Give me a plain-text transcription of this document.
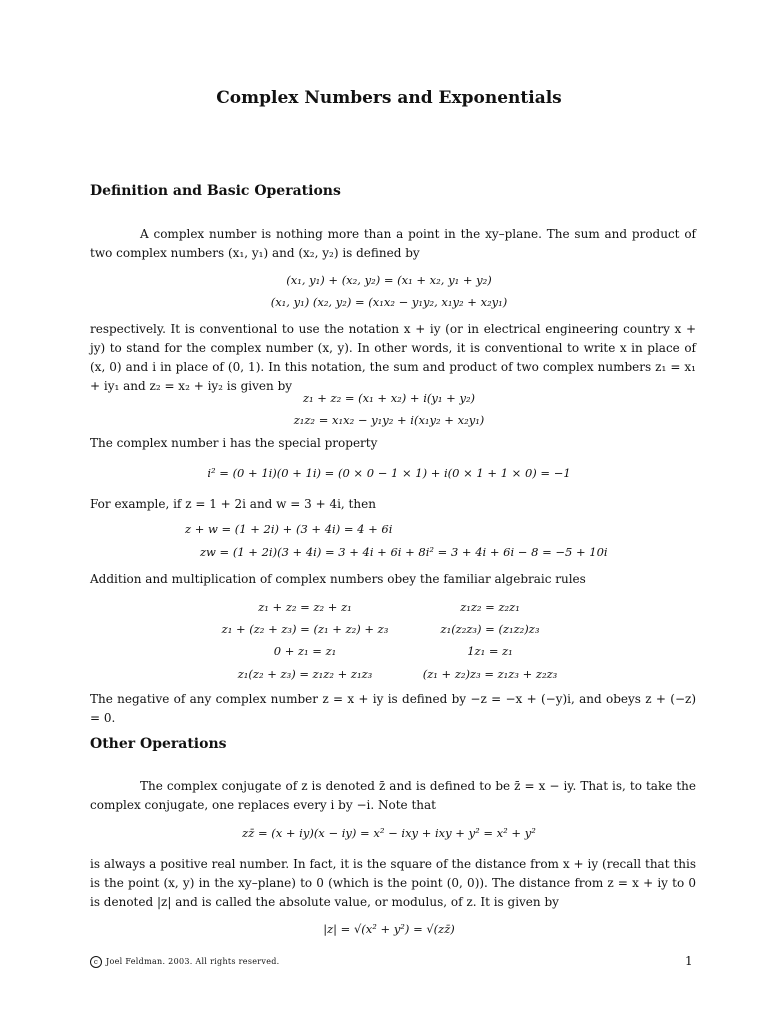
Complex Numbers and Exponentials
Definition and Basic Operations
A complex number is nothing more than a point in the xy–plane. The sum and product of two complex numbers (x₁, y₁) and (x₂, y₂) is defined by
(x₁, y₁) + (x₂, y₂) = (x₁ + x₂, y₁ + y₂)
(x₁, y₁) (x₂, y₂) = (x₁x₂ − y₁y₂, x₁y₂ + x₂y₁)
respectively. It is conventional to use the notation x + iy (or in electrical engineering country x + jy) to stand for the complex number (x, y). In other words, it is conventional to write x in place of (x, 0) and i in place of (0, 1). In this notation, the sum and product of two complex numbers z₁ = x₁ + iy₁ and z₂ = x₂ + iy₂ is given by
z₁ + z₂ = (x₁ + x₂) + i(y₁ + y₂)
z₁z₂ = x₁x₂ − y₁y₂ + i(x₁y₂ + x₂y₁)
The complex number i has the special property
i² = (0 + 1i)(0 + 1i) = (0 × 0 − 1 × 1) + i(0 × 1 + 1 × 0) = −1
For example, if z = 1 + 2i and w = 3 + 4i, then
z + w = (1 + 2i) + (3 + 4i) = 4 + 6i
zw = (1 + 2i)(3 + 4i) = 3 + 4i + 6i + 8i² = 3 + 4i + 6i − 8 = −5 + 10i
Addition and multiplication of complex numbers obey the familiar algebraic rules
z₁ + z₂ = z₂ + z₁
z₁ + (z₂ + z₃) = (z₁ + z₂) + z₃
0 + z₁ = z₁
z₁(z₂ + z₃) = z₁z₂ + z₁z₃
z₁z₂ = z₂z₁
z₁(z₂z₃) = (z₁z₂)z₃
1z₁ = z₁
(z₁ + z₂)z₃ = z₁z₃ + z₂z₃
The negative of any complex number z = x + iy is defined by −z = −x + (−y)i, and obeys z + (−z) = 0.
Other Operations
The complex conjugate of z is denoted z̄ and is defined to be z̄ = x − iy. That is, to take the complex conjugate, one replaces every i by −i. Note that
zz̄ = (x + iy)(x − iy) = x² − ixy + ixy + y² = x² + y²
is always a positive real number. In fact, it is the square of the distance from x + iy (recall that this is the point (x, y) in the xy–plane) to 0 (which is the point (0, 0)). The distance from z = x + iy to 0 is denoted |z| and is called the absolute value, or modulus, of z. It is given by
|z| = √(x² + y²) = √(zz̄)
c Joel Feldman. 2003. All rights reserved.	1
